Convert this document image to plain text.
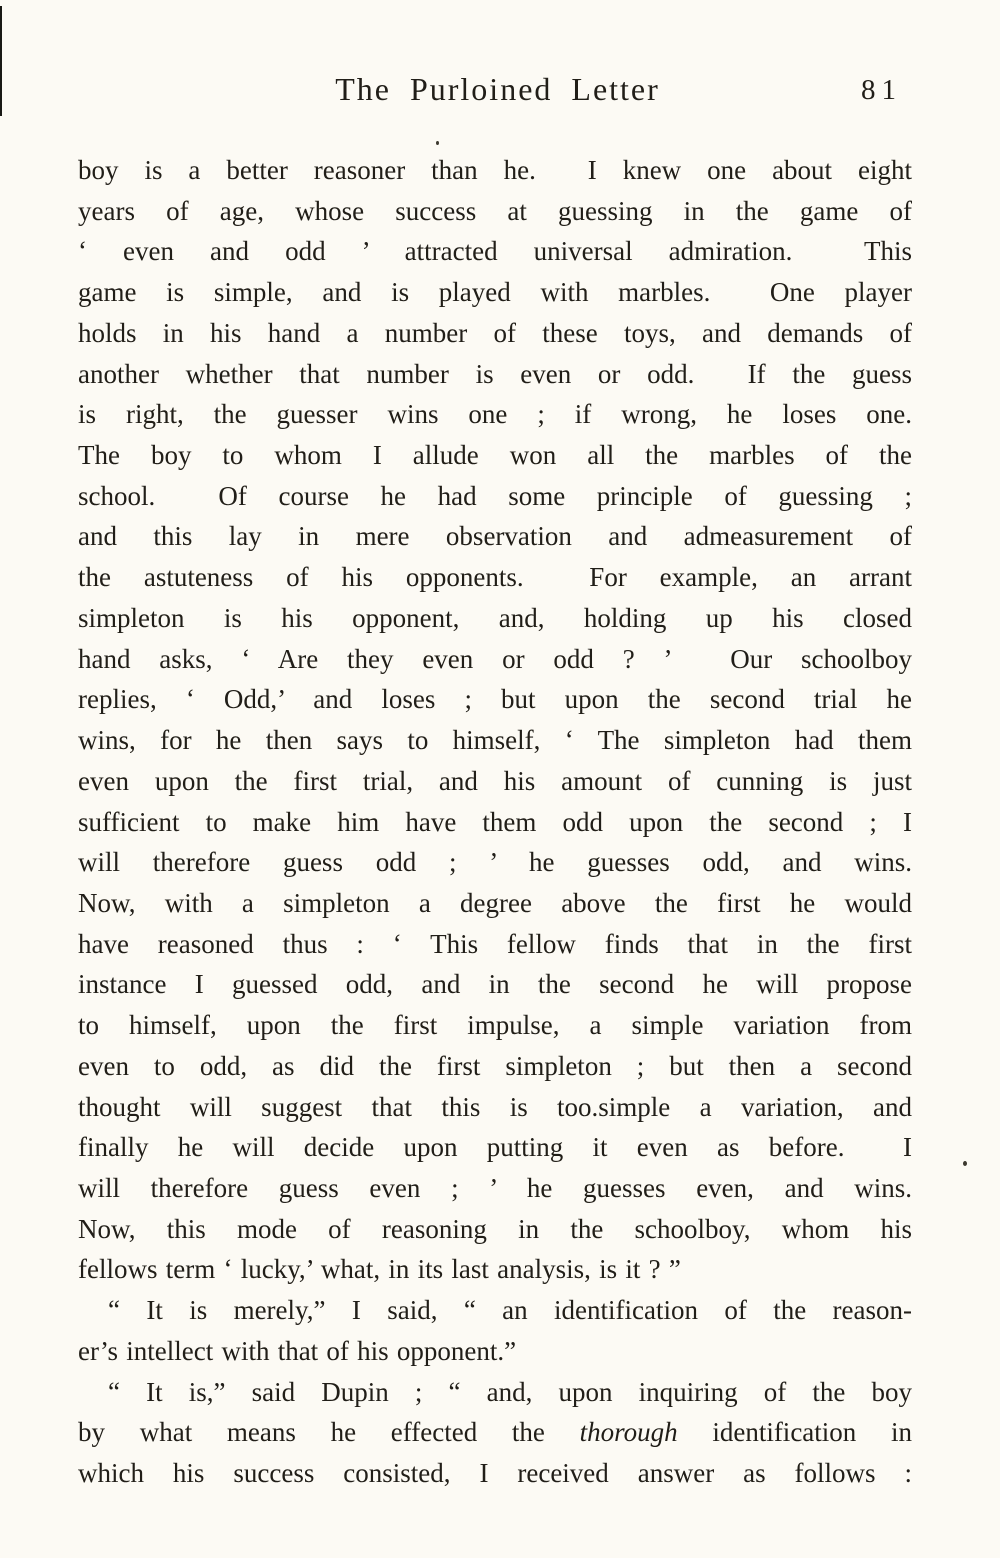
The Purloined Letter	81
boy is a better reasoner than he.  I knew one about eight
years of age, whose success at guessing in the game of
‘ even and odd ’ attracted universal admiration.  This
game is simple, and is played with marbles.  One player
holds in his hand a number of these toys, and demands of
another whether that number is even or odd.  If the guess
is right, the guesser wins one ; if wrong, he loses one.
The boy to whom I allude won all the marbles of the
school.  Of course he had some principle of guessing ;
and this lay in mere observation and admeasurement of
the astuteness of his opponents.  For example, an arrant
simpleton is his opponent, and, holding up his closed
hand asks, ‘ Are they even or odd ? ’  Our schoolboy
replies, ‘ Odd,’ and loses ; but upon the second trial he
wins, for he then says to himself, ‘ The simpleton had them
even upon the first trial, and his amount of cunning is just
sufficient to make him have them odd upon the second ; I
will therefore guess odd ; ’ he guesses odd, and wins.
Now, with a simpleton a degree above the first he would
have reasoned thus : ‘ This fellow finds that in the first
instance I guessed odd, and in the second he will propose
to himself, upon the first impulse, a simple variation from
even to odd, as did the first simpleton ; but then a second
thought will suggest that this is too.simple a variation, and
finally he will decide upon putting it even as before.  I
will therefore guess even ; ’ he guesses even, and wins.
Now, this mode of reasoning in the schoolboy, whom his
fellows term ‘ lucky,’ what, in its last analysis, is it ? ”
“ It is merely,” I said, “ an identification of the reason-
er’s intellect with that of his opponent.”
“ It is,” said Dupin ; “ and, upon inquiring of the boy
by what means he effected the thorough identification in
which his success consisted, I received answer as follows :
